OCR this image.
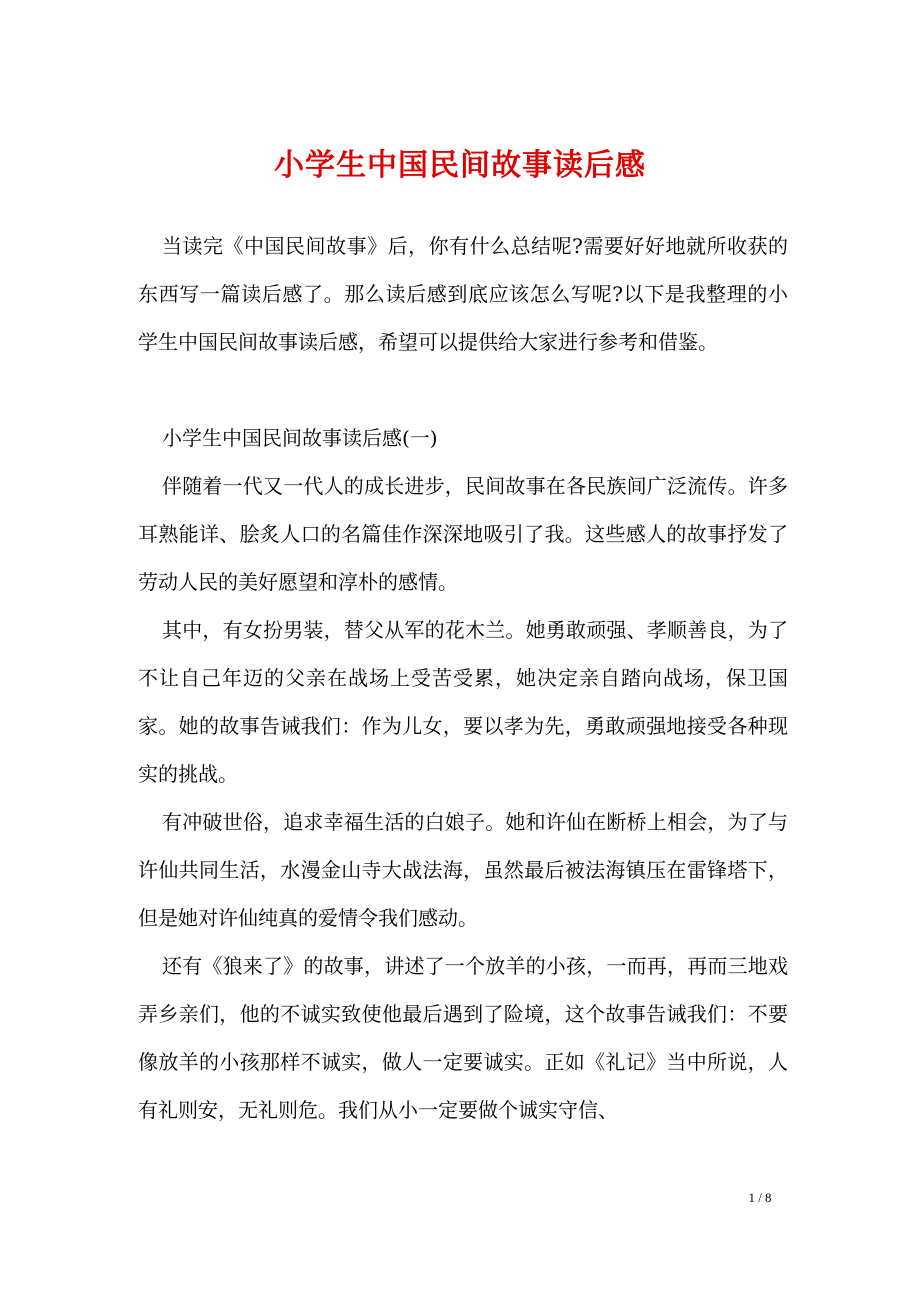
小学生中国民间故事读后感

当读完《中国民间故事》后，你有什么总结呢?需要好好地就所收获的东西写一篇读后感了。那么读后感到底应该怎么写呢?以下是我整理的小学生中国民间故事读后感，希望可以提供给大家进行参考和借鉴。

小学生中国民间故事读后感(一)

伴随着一代又一代人的成长进步，民间故事在各民族间广泛流传。许多耳熟能详、脍炙人口的名篇佳作深深地吸引了我。这些感人的故事抒发了劳动人民的美好愿望和淳朴的感情。

其中，有女扮男装，替父从军的花木兰。她勇敢顽强、孝顺善良，为了不让自己年迈的父亲在战场上受苦受累，她决定亲自踏向战场，保卫国家。她的故事告诫我们：作为儿女，要以孝为先，勇敢顽强地接受各种现实的挑战。

有冲破世俗，追求幸福生活的白娘子。她和许仙在断桥上相会，为了与许仙共同生活，水漫金山寺大战法海，虽然最后被法海镇压在雷锋塔下，但是她对许仙纯真的爱情令我们感动。

还有《狼来了》的故事，讲述了一个放羊的小孩，一而再，再而三地戏弄乡亲们，他的不诚实致使他最后遇到了险境，这个故事告诫我们：不要像放羊的小孩那样不诚实，做人一定要诚实。正如《礼记》当中所说，人有礼则安，无礼则危。我们从小一定要做个诚实守信、

1 / 8
